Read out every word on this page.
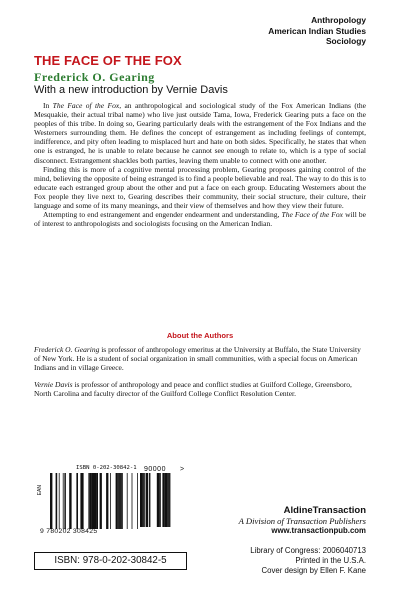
Anthropology
American Indian Studies
Sociology
THE FACE OF THE FOX
Frederick O. Gearing
With a new introduction by Vernie Davis

In The Face of the Fox, an anthropological and sociological study of the Fox American Indians (the Mesquakie, their actual tribal name) who live just outside Tama, Iowa, Frederick Gearing puts a face on the peoples of this tribe. In doing so, Gearing particularly deals with the estrangement of the Fox Indians and the Westerners surrounding them. He defines the concept of estrangement as including feelings of contempt, indifference, and pity often leading to misplaced hurt and hate on both sides. Specifically, he states that when one is estranged, he is unable to relate because he cannot see enough to relate to, which is a type of social disconnect. Estrangement shackles both parties, leaving them unable to connect with one another.

Finding this is more of a cognitive mental processing problem, Gearing proposes gaining control of the mind, believing the opposite of being estranged is to find a people believable and real. The way to do this is to educate each estranged group about the other and put a face on each group. Educating Westerners about the Fox people they live next to, Gearing describes their community, their social structure, their culture, their language and some of its many meanings, and their view of themselves and how they view their future.

Attempting to end estrangement and engender endearment and understanding, The Face of the Fox will be of interest to anthropologists and sociologists focusing on the American Indian.

About the Authors

Frederick O. Gearing is professor of anthropology emeritus at the University at Buffalo, the State University of New York. He is a student of social organization in small communities, with a special focus on American Indians and in village Greece.

Vernie Davis is professor of anthropology and peace and conflict studies at Guilford College, Greensboro, North Carolina and faculty director of the Guilford College Conflict Resolution Center.

ISBN 0-202-30842-1
EAN
90000 >
9 780202 308425
ISBN: 978-0-202-30842-5
AldineTransaction
A Division of Transaction Publishers
www.transactionpub.com
Library of Congress: 2006040713
Printed in the U.S.A.
Cover design by Ellen F. Kane
